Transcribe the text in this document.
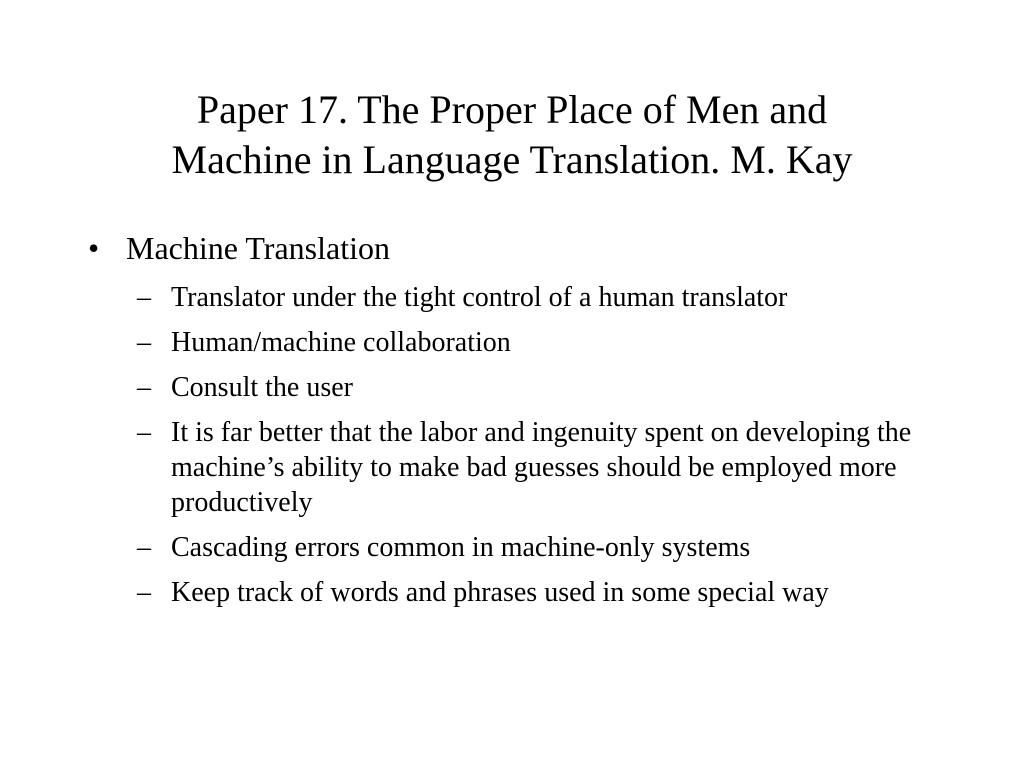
Paper 17. The Proper Place of Men and
Machine in Language Translation. M. Kay
• Machine Translation
– Translator under the tight control of a human translator
– Human/machine collaboration
– Consult the user
– It is far better that the labor and ingenuity spent on developing the machine’s ability to make bad guesses should be employed more productively
– Cascading errors common in machine-only systems
– Keep track of words and phrases used in some special way
